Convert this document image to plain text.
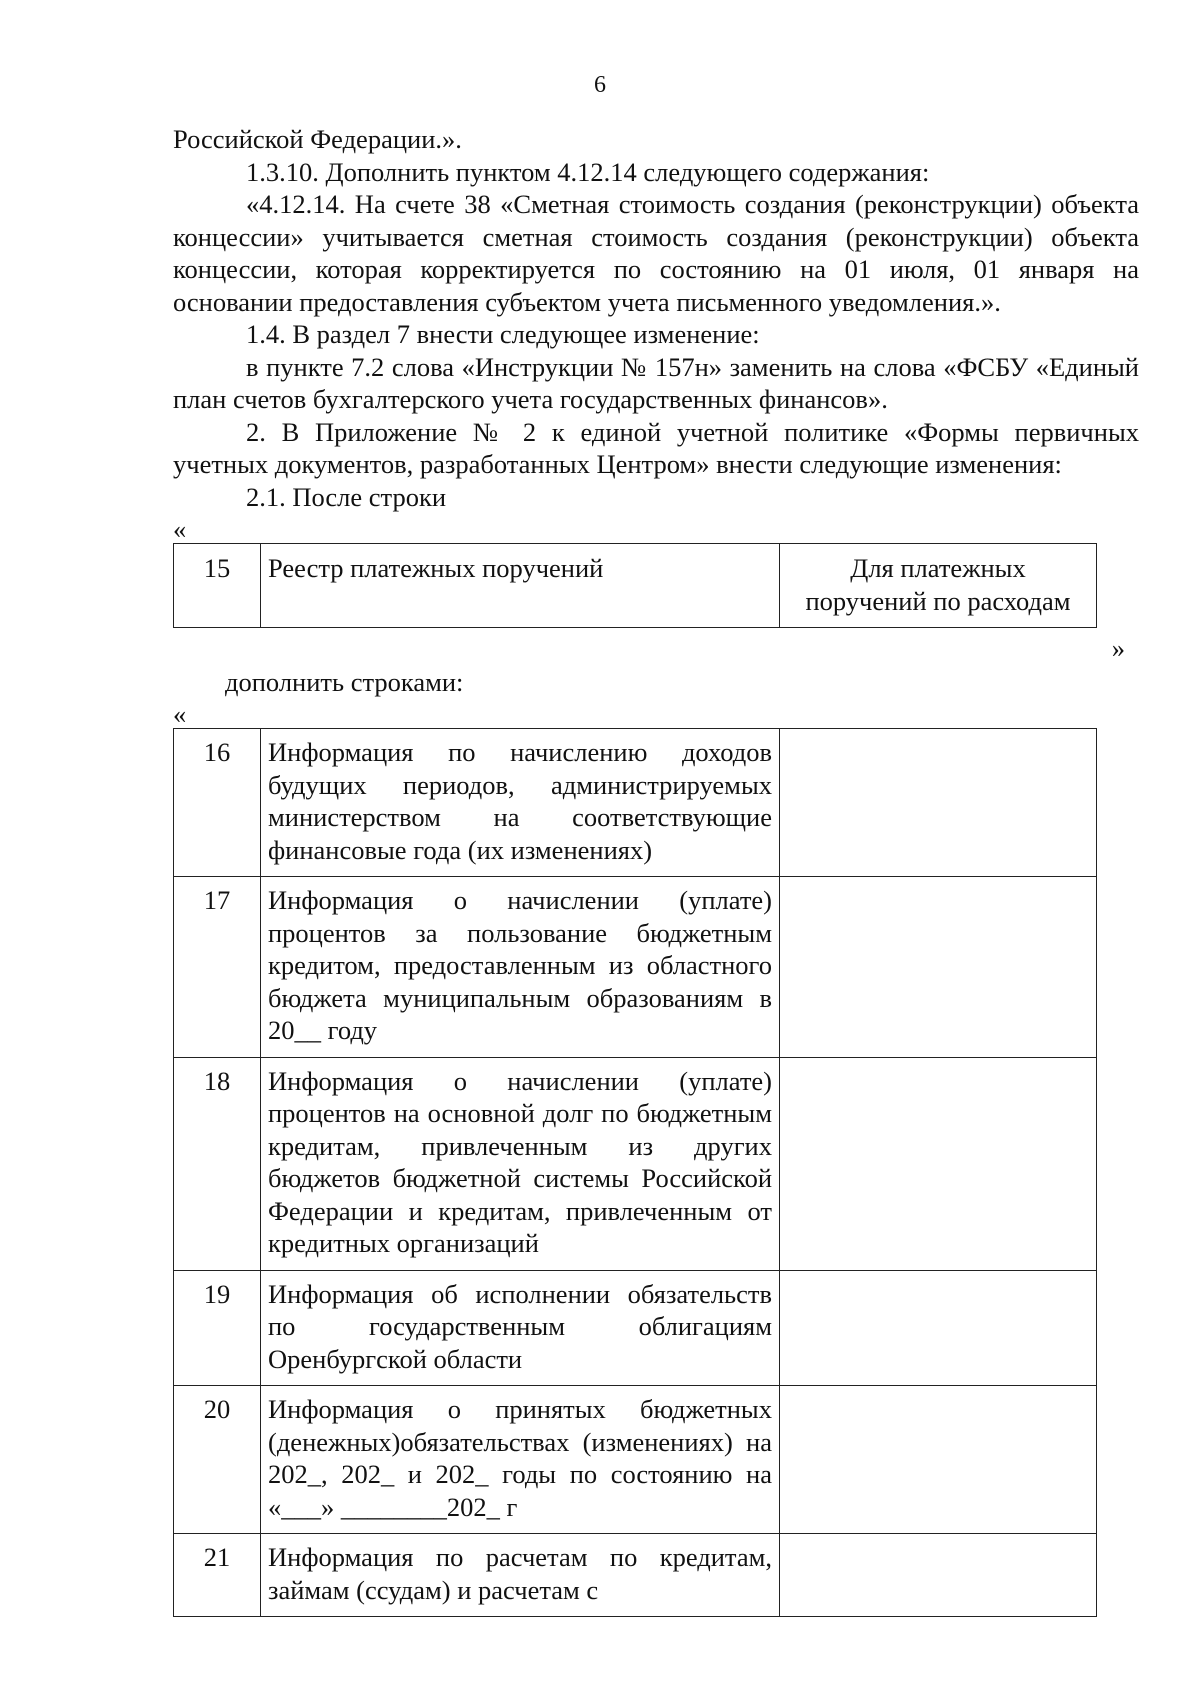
6

Российской Федерации.».

1.3.10. Дополнить пунктом 4.12.14 следующего содержания:

«4.12.14. На счете 38 «Сметная стоимость создания (реконструкции) объекта концессии» учитывается сметная стоимость создания (реконструкции) объекта концессии, которая корректируется по состоянию на 01 июля, 01 января на основании предоставления субъектом учета письменного уведомления.».

1.4. В раздел 7 внести следующее изменение:

в пункте 7.2 слова «Инструкции № 157н» заменить на слова «ФСБУ «Единый план счетов бухгалтерского учета государственных финансов».

2. В Приложение № 2 к единой учетной политике «Формы первичных учетных документов, разработанных Центром» внести следующие изменения:

2.1. После строки

«
15	Реестр платежных поручений	Для платежных поручений по расходам
»
дополнить строками:
«
16	Информация по начислению доходов будущих периодов, администрируемых министерством на соответствующие финансовые года (их изменениях)	
17	Информация о начислении (уплате) процентов за пользование бюджетным кредитом, предоставленным из областного бюджета муниципальным образованиям в 20__ году	
18	Информация о начислении (уплате) процентов на основной долг по бюджетным кредитам, привлеченным из других бюджетов бюджетной системы Российской Федерации и кредитам, привлеченным от кредитных организаций	
19	Информация об исполнении обязательств по государственным облигациям Оренбургской области	
20	Информация о принятых бюджетных (денежных)обязательствах (изменениях) на 202_, 202_ и 202_ годы по состоянию на «___» ________202_ г	
21	Информация по расчетам по кредитам, займам (ссудам) и расчетам с	
